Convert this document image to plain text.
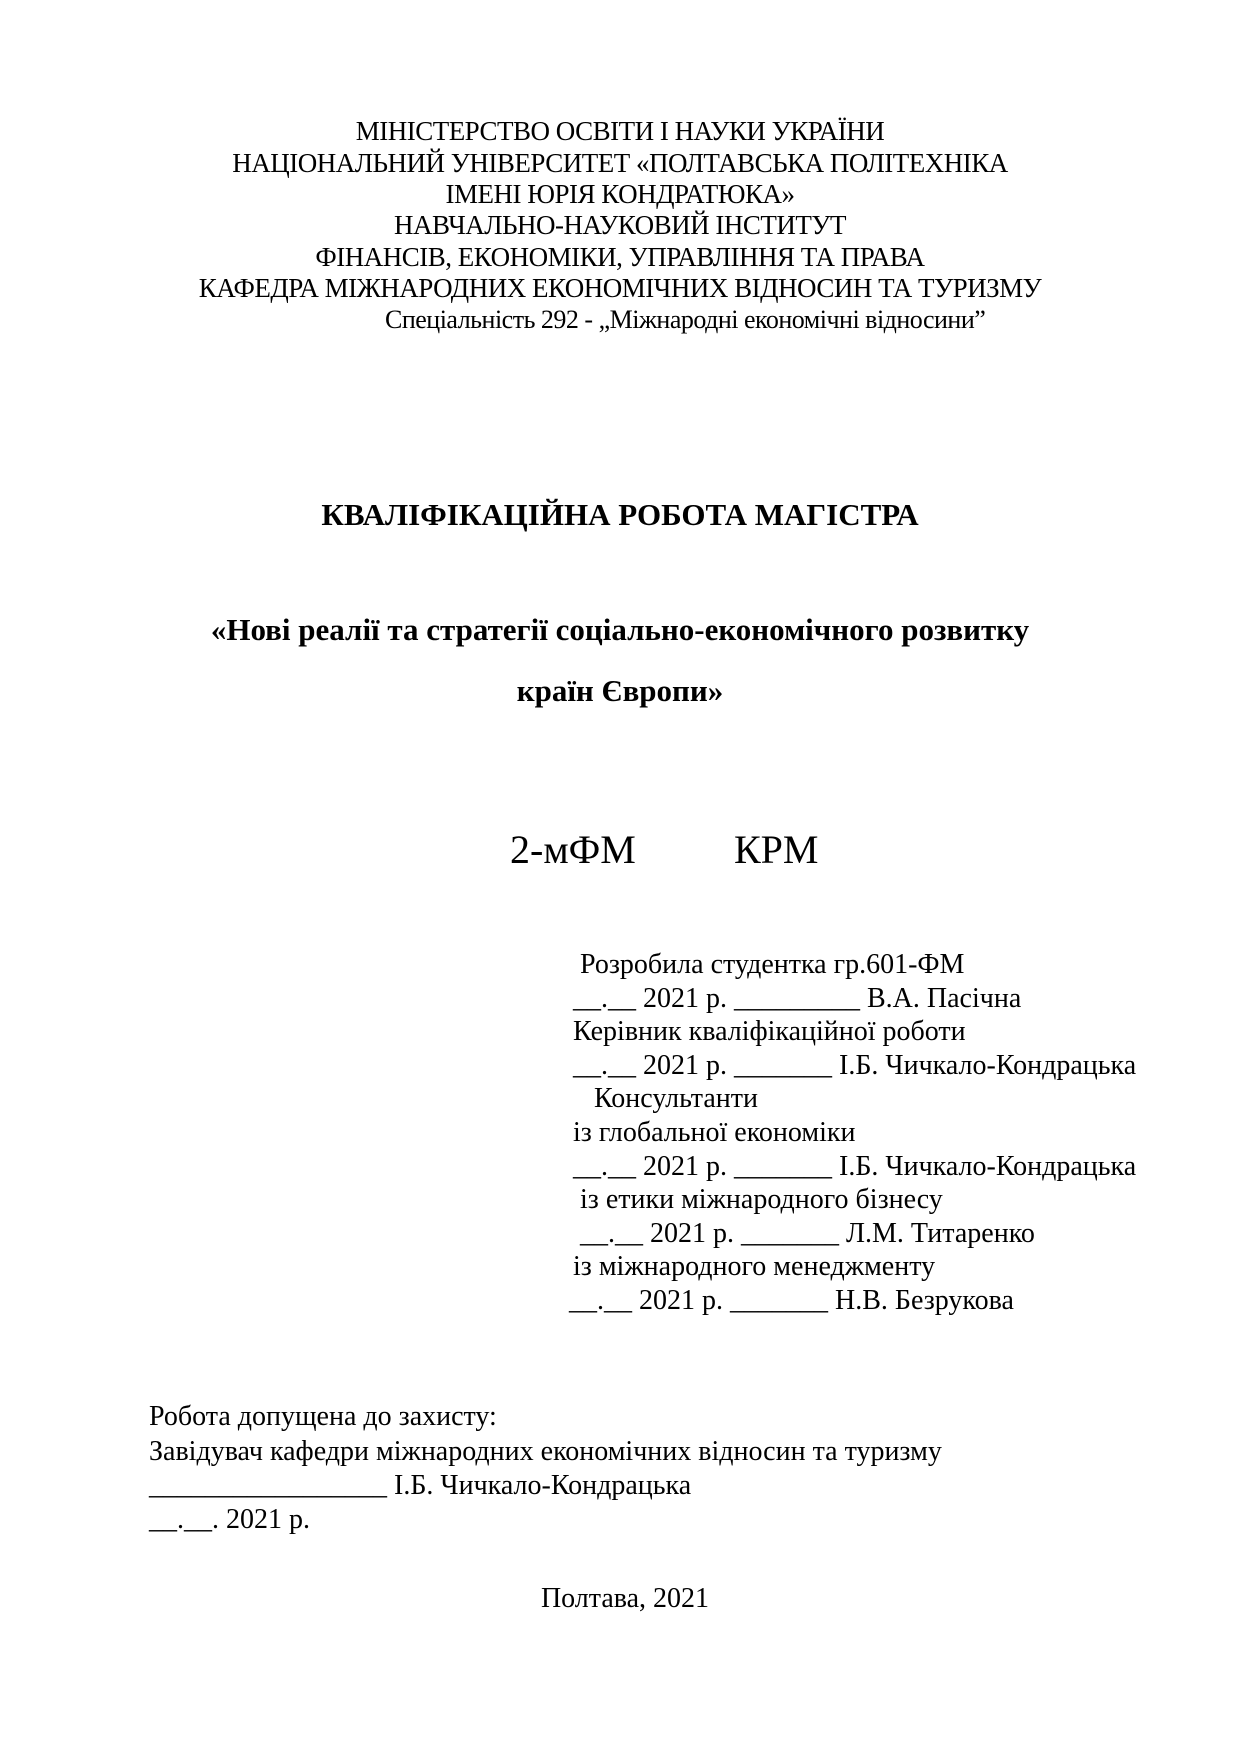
МІНІСТЕРСТВО ОСВІТИ І НАУКИ УКРАЇНИ
НАЦІОНАЛЬНИЙ УНІВЕРСИТЕТ «ПОЛТАВСЬКА ПОЛІТЕХНІКА
ІМЕНІ ЮРІЯ КОНДРАТЮКА»
НАВЧАЛЬНО-НАУКОВИЙ ІНСТИТУТ
ФІНАНСІВ, ЕКОНОМІКИ, УПРАВЛІННЯ ТА ПРАВА
КАФЕДРА МІЖНАРОДНИХ ЕКОНОМІЧНИХ ВІДНОСИН ТА ТУРИЗМУ
Спеціальність 292 - „Міжнародні економічні відносини”
КВАЛІФІКАЦІЙНА РОБОТА МАГІСТРА
«Нові реалії та стратегії соціально-економічного розвитку
країн Європи»
2-мФМ КРМ
Розробила студентка гр.601-ФМ
__.__ 2021 р. _________ В.А. Пасічна
Керівник кваліфікаційної роботи
__.__ 2021 р. _______ І.Б. Чичкало-Кондрацька
Консультанти
із глобальної економіки
__.__ 2021 р. _______ І.Б. Чичкало-Кондрацька
із етики міжнародного бізнесу
__.__ 2021 р. _______ Л.М. Титаренко
із міжнародного менеджменту
__.__ 2021 р. _______ Н.В. Безрукова
Робота допущена до захисту:
Завідувач кафедри міжнародних економічних відносин та туризму
_________________ І.Б. Чичкало-Кондрацька
__.__. 2021 р.
Полтава, 2021
